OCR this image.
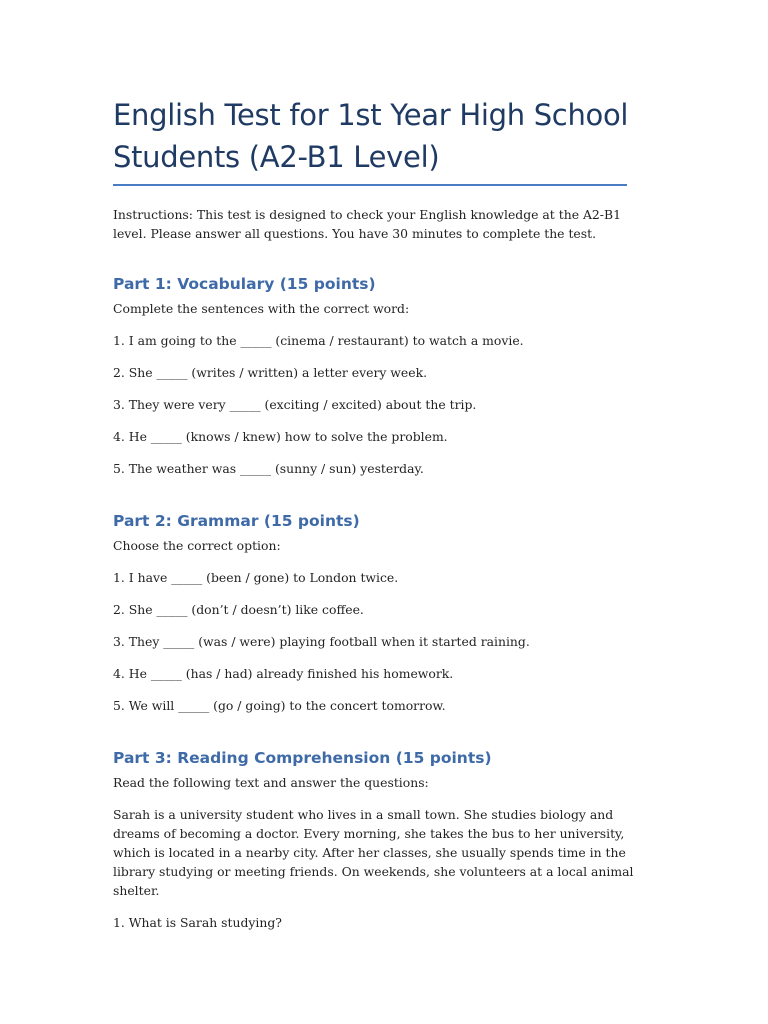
English Test for 1st Year High School Students (A2-B1 Level)

Instructions: This test is designed to check your English knowledge at the A2-B1 level. Please answer all questions. You have 30 minutes to complete the test.

Part 1: Vocabulary (15 points)

Complete the sentences with the correct word:

1. I am going to the _____ (cinema / restaurant) to watch a movie.
2. She _____ (writes / written) a letter every week.
3. They were very _____ (exciting / excited) about the trip.
4. He _____ (knows / knew) how to solve the problem.
5. The weather was _____ (sunny / sun) yesterday.
Part 2: Grammar (15 points)

Choose the correct option:

1. I have _____ (been / gone) to London twice.
2. She _____ (don’t / doesn’t) like coffee.
3. They _____ (was / were) playing football when it started raining.
4. He _____ (has / had) already finished his homework.
5. We will _____ (go / going) to the concert tomorrow.
Part 3: Reading Comprehension (15 points)

Read the following text and answer the questions:

Sarah is a university student who lives in a small town. She studies biology and dreams of becoming a doctor. Every morning, she takes the bus to her university, which is located in a nearby city. After her classes, she usually spends time in the library studying or meeting friends. On weekends, she volunteers at a local animal shelter.

1. What is Sarah studying?
